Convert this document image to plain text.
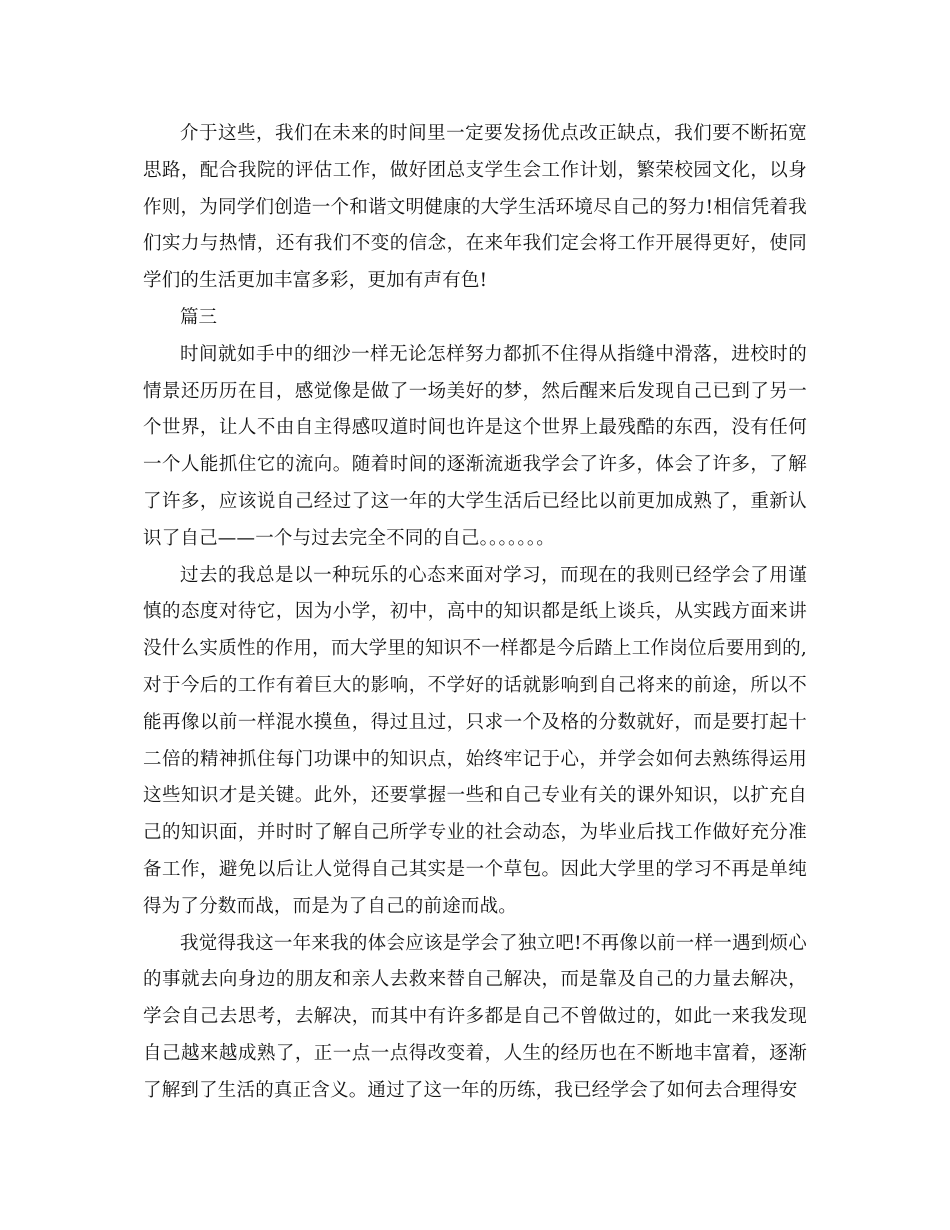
介于这些，我们在未来的时间里一定要发扬优点改正缺点，我们要不断拓宽思路，配合我院的评估工作，做好团总支学生会工作计划，繁荣校园文化，以身作则，为同学们创造一个和谐文明健康的大学生活环境尽自己的努力!相信凭着我们实力与热情，还有我们不变的信念，在来年我们定会将工作开展得更好，使同学们的生活更加丰富多彩，更加有声有色!

篇三

时间就如手中的细沙一样无论怎样努力都抓不住得从指缝中滑落，进校时的情景还历历在目，感觉像是做了一场美好的梦，然后醒来后发现自己已到了另一个世界，让人不由自主得感叹道时间也许是这个世界上最残酷的东西，没有任何一个人能抓住它的流向。随着时间的逐渐流逝我学会了许多，体会了许多，了解了许多，应该说自己经过了这一年的大学生活后已经比以前更加成熟了，重新认识了自己——一个与过去完全不同的自己。。。。。。。

过去的我总是以一种玩乐的心态来面对学习，而现在的我则已经学会了用谨慎的态度对待它，因为小学，初中，高中的知识都是纸上谈兵，从实践方面来讲没什么实质性的作用，而大学里的知识不一样都是今后踏上工作岗位后要用到的,对于今后的工作有着巨大的影响，不学好的话就影响到自己将来的前途，所以不能再像以前一样混水摸鱼，得过且过，只求一个及格的分数就好，而是要打起十二倍的精神抓住每门功课中的知识点，始终牢记于心，并学会如何去熟练得运用这些知识才是关键。此外，还要掌握一些和自己专业有关的课外知识，以扩充自己的知识面，并时时了解自己所学专业的社会动态，为毕业后找工作做好充分准备工作，避免以后让人觉得自己其实是一个草包。因此大学里的学习不再是单纯得为了分数而战，而是为了自己的前途而战。

我觉得我这一年来我的体会应该是学会了独立吧!不再像以前一样一遇到烦心的事就去向身边的朋友和亲人去救来替自己解决，而是靠及自己的力量去解决，学会自己去思考，去解决，而其中有许多都是自己不曾做过的，如此一来我发现自己越来越成熟了，正一点一点得改变着，人生的经历也在不断地丰富着，逐渐了解到了生活的真正含义。通过了这一年的历练，我已经学会了如何去合理得安
